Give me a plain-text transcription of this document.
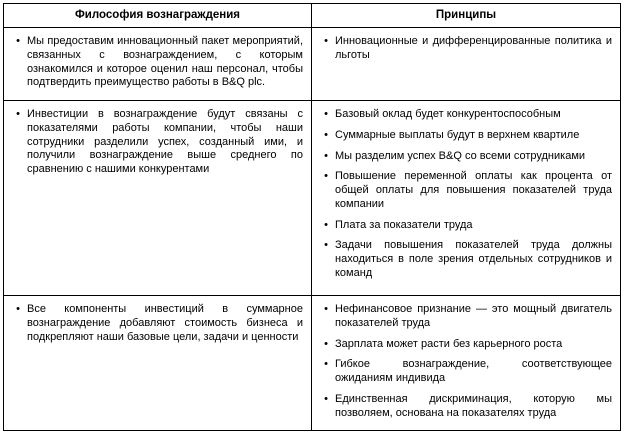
Философия вознаграждения	Принципы
• Мы предоставим инновационный пакет мероприятий, связанных с вознаграждением, с которым ознакомился и которое оценил наш персонал, чтобы подтвердить преимущество работы в B&Q plc.
• Инновационные и дифференцированные политика и льготы
• Инвестиции в вознаграждение будут связаны с показателями работы компании, чтобы наши сотрудники разделили успех, созданный ими, и получили вознаграждение выше среднего по сравнению с нашими конкурентами
• Базовый оклад будет конкурентоспособным
• Суммарные выплаты будут в верхнем квартиле
• Мы разделим успех B&Q со всеми сотрудниками
• Повышение переменной оплаты как процента от общей оплаты для повышения показателей труда компании
• Плата за показатели труда
• Задачи повышения показателей труда должны находиться в поле зрения отдельных сотрудников и команд
• Все компоненты инвестиций в суммарное вознаграждение добавляют стоимость бизнеса и подкрепляют наши базовые цели, задачи и ценности
• Нефинансовое признание — это мощный двигатель показателей труда
• Зарплата может расти без карьерного роста
• Гибкое вознаграждение, соответствующее ожиданиям индивида
• Единственная дискриминация, которую мы позволяем, основана на показателях труда
